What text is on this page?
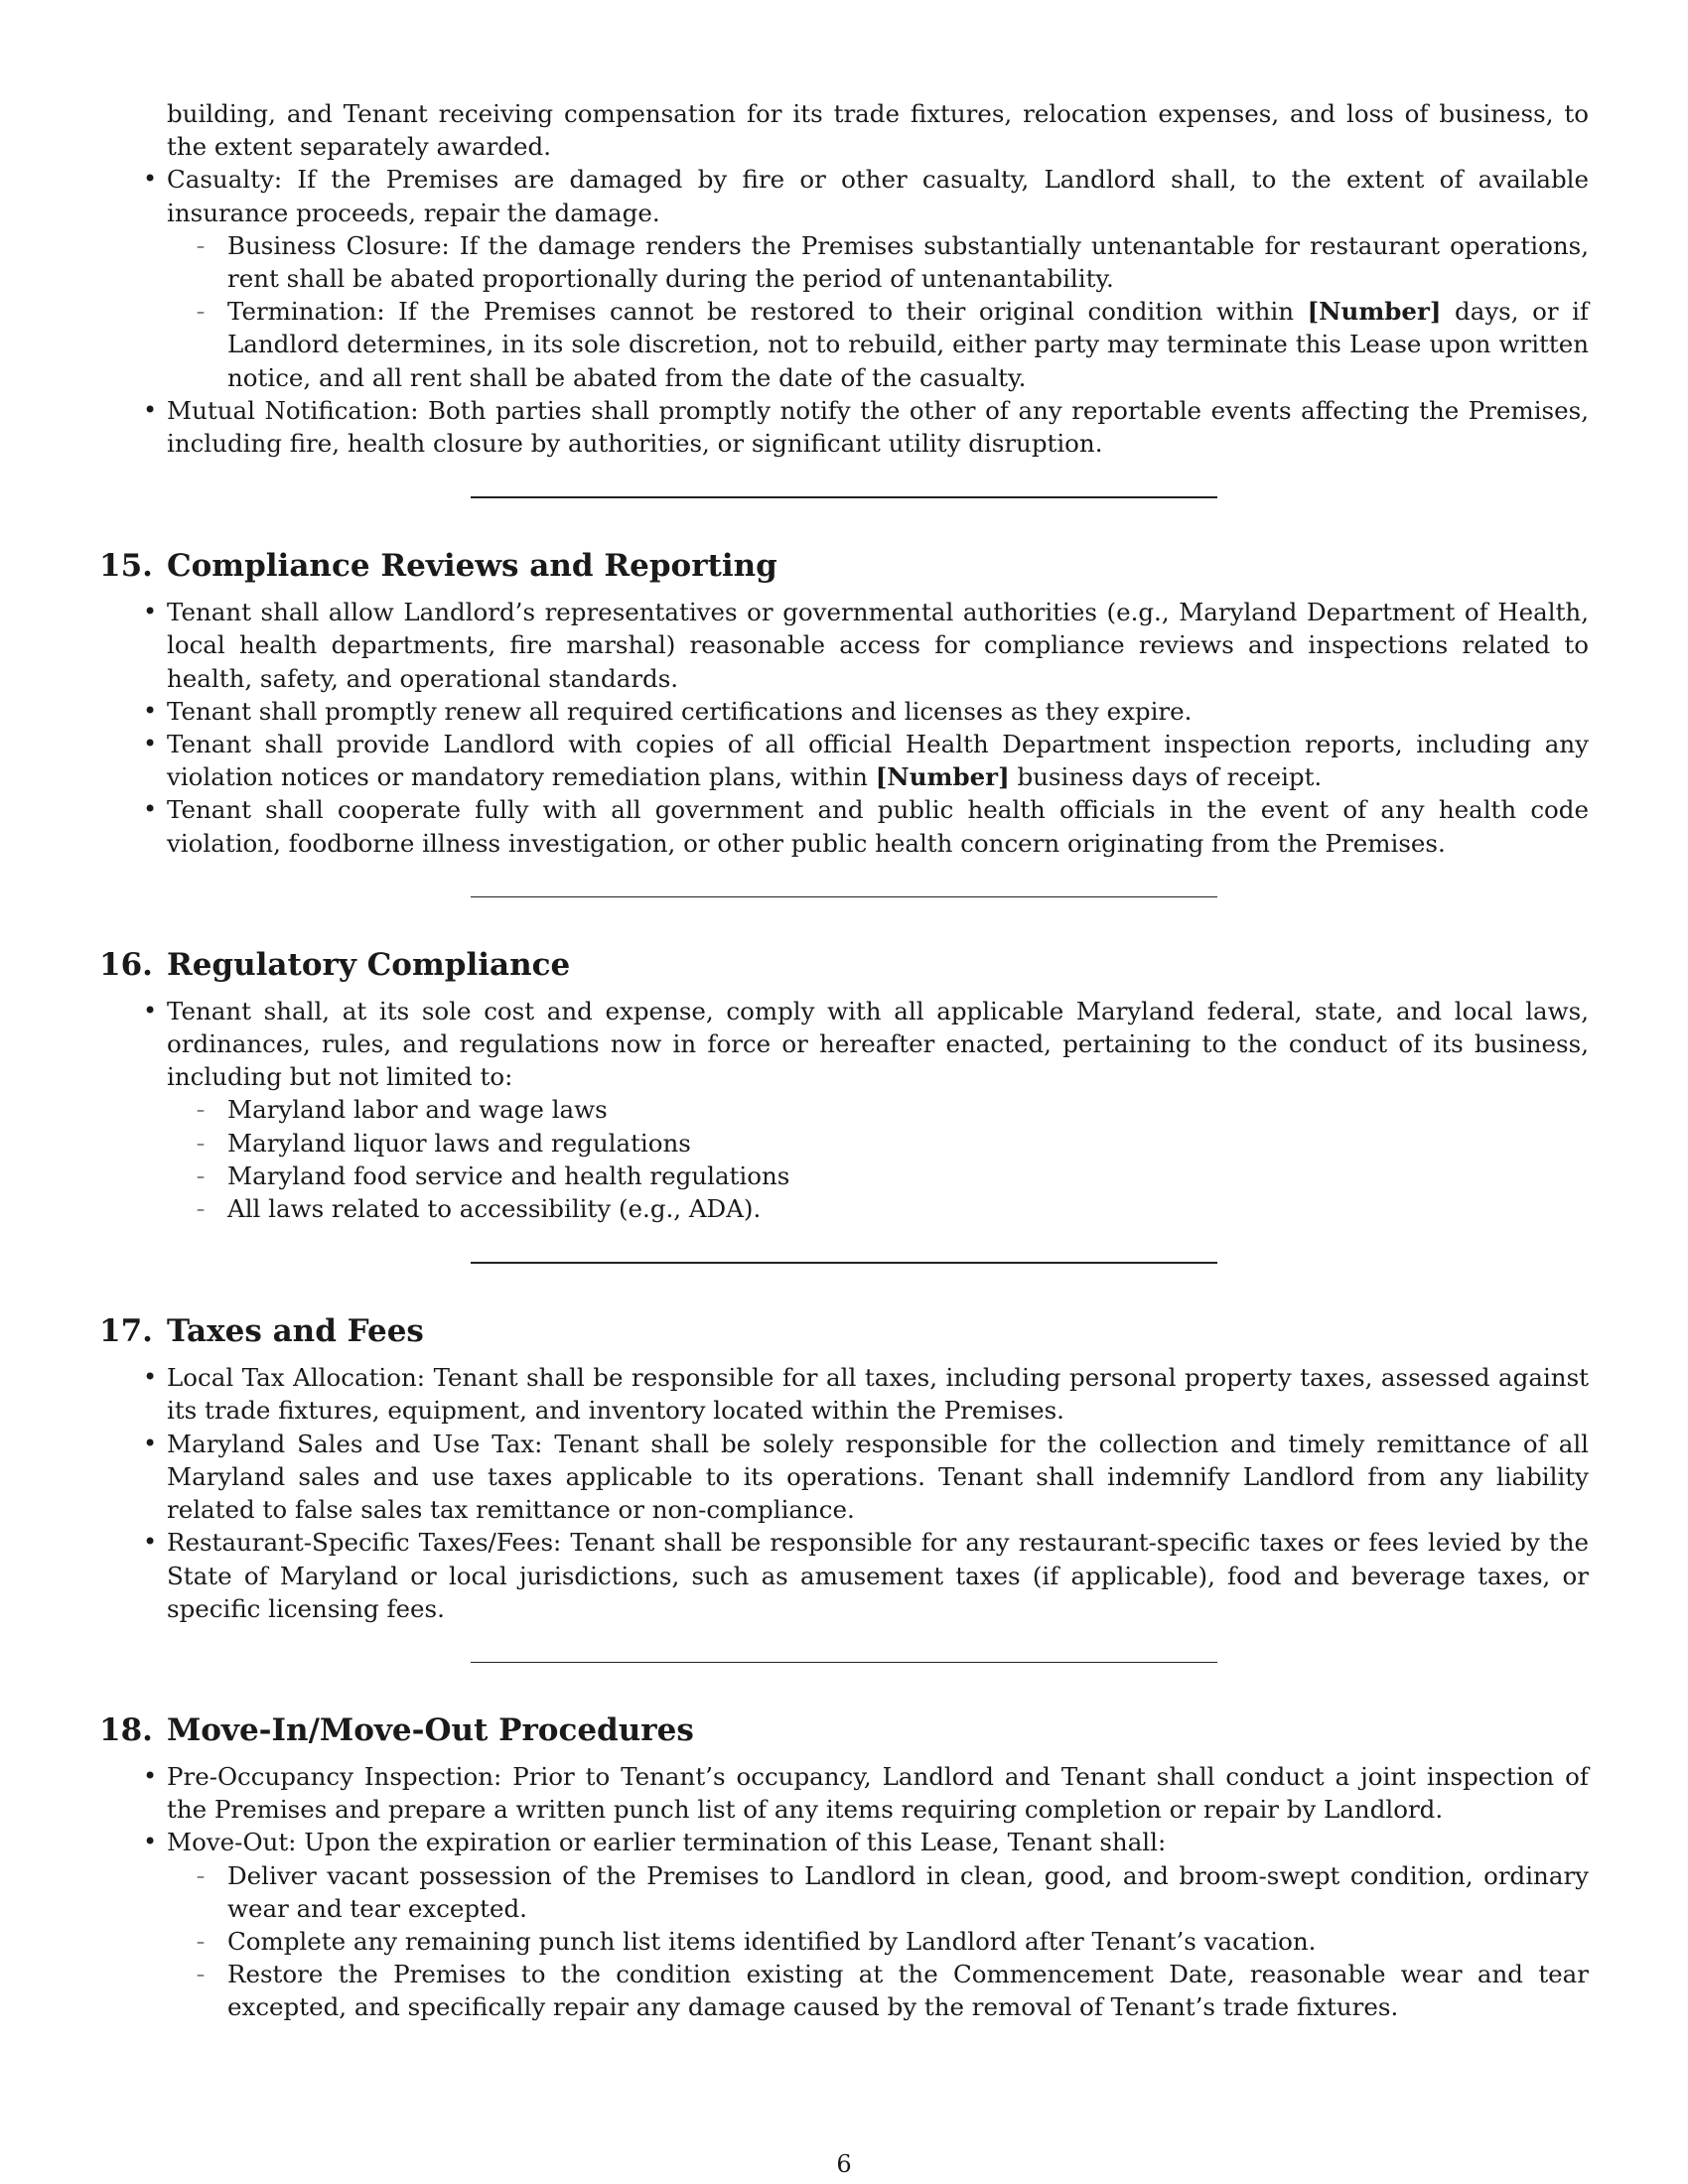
building, and Tenant receiving compensation for its trade fixtures, relocation expenses, and loss of business, to the extent separately awarded.

• Casualty: If the Premises are damaged by fire or other casualty, Landlord shall, to the extent of available insurance proceeds, repair the damage.

– Business Closure: If the damage renders the Premises substantially untenantable for restaurant operations, rent shall be abated proportionally during the period of untenantability.

– Termination: If the Premises cannot be restored to their original condition within [Number] days, or if Landlord determines, in its sole discretion, not to rebuild, either party may terminate this Lease upon written notice, and all rent shall be abated from the date of the casualty.

• Mutual Notification: Both parties shall promptly notify the other of any reportable events affecting the Premises, including fire, health closure by authorities, or significant utility disruption.

15. Compliance Reviews and Reporting
• Tenant shall allow Landlord’s representatives or governmental authorities (e.g., Maryland Department of Health, local health departments, fire marshal) reasonable access for compliance reviews and inspections related to health, safety, and operational standards.

• Tenant shall promptly renew all required certifications and licenses as they expire.

• Tenant shall provide Landlord with copies of all official Health Department inspection reports, including any violation notices or mandatory remediation plans, within [Number] business days of receipt.

• Tenant shall cooperate fully with all government and public health officials in the event of any health code violation, foodborne illness investigation, or other public health concern originating from the Premises.

16. Regulatory Compliance
• Tenant shall, at its sole cost and expense, comply with all applicable Maryland federal, state, and local laws, ordinances, rules, and regulations now in force or hereafter enacted, pertaining to the conduct of its business, including but not limited to:

– Maryland labor and wage laws

– Maryland liquor laws and regulations

– Maryland food service and health regulations

– All laws related to accessibility (e.g., ADA).

17. Taxes and Fees
• Local Tax Allocation: Tenant shall be responsible for all taxes, including personal property taxes, assessed against its trade fixtures, equipment, and inventory located within the Premises.

• Maryland Sales and Use Tax: Tenant shall be solely responsible for the collection and timely remittance of all Maryland sales and use taxes applicable to its operations. Tenant shall indemnify Landlord from any liability related to false sales tax remittance or non-compliance.

• Restaurant-Specific Taxes/Fees: Tenant shall be responsible for any restaurant-specific taxes or fees levied by the State of Maryland or local jurisdictions, such as amusement taxes (if applicable), food and beverage taxes, or specific licensing fees.

18. Move-In/Move-Out Procedures
• Pre-Occupancy Inspection: Prior to Tenant’s occupancy, Landlord and Tenant shall conduct a joint inspection of the Premises and prepare a written punch list of any items requiring completion or repair by Landlord.

• Move-Out: Upon the expiration or earlier termination of this Lease, Tenant shall:

– Deliver vacant possession of the Premises to Landlord in clean, good, and broom-swept condition, ordinary wear and tear excepted.

– Complete any remaining punch list items identified by Landlord after Tenant’s vacation.

– Restore the Premises to the condition existing at the Commencement Date, reasonable wear and tear excepted, and specifically repair any damage caused by the removal of Tenant’s trade fixtures.

6
